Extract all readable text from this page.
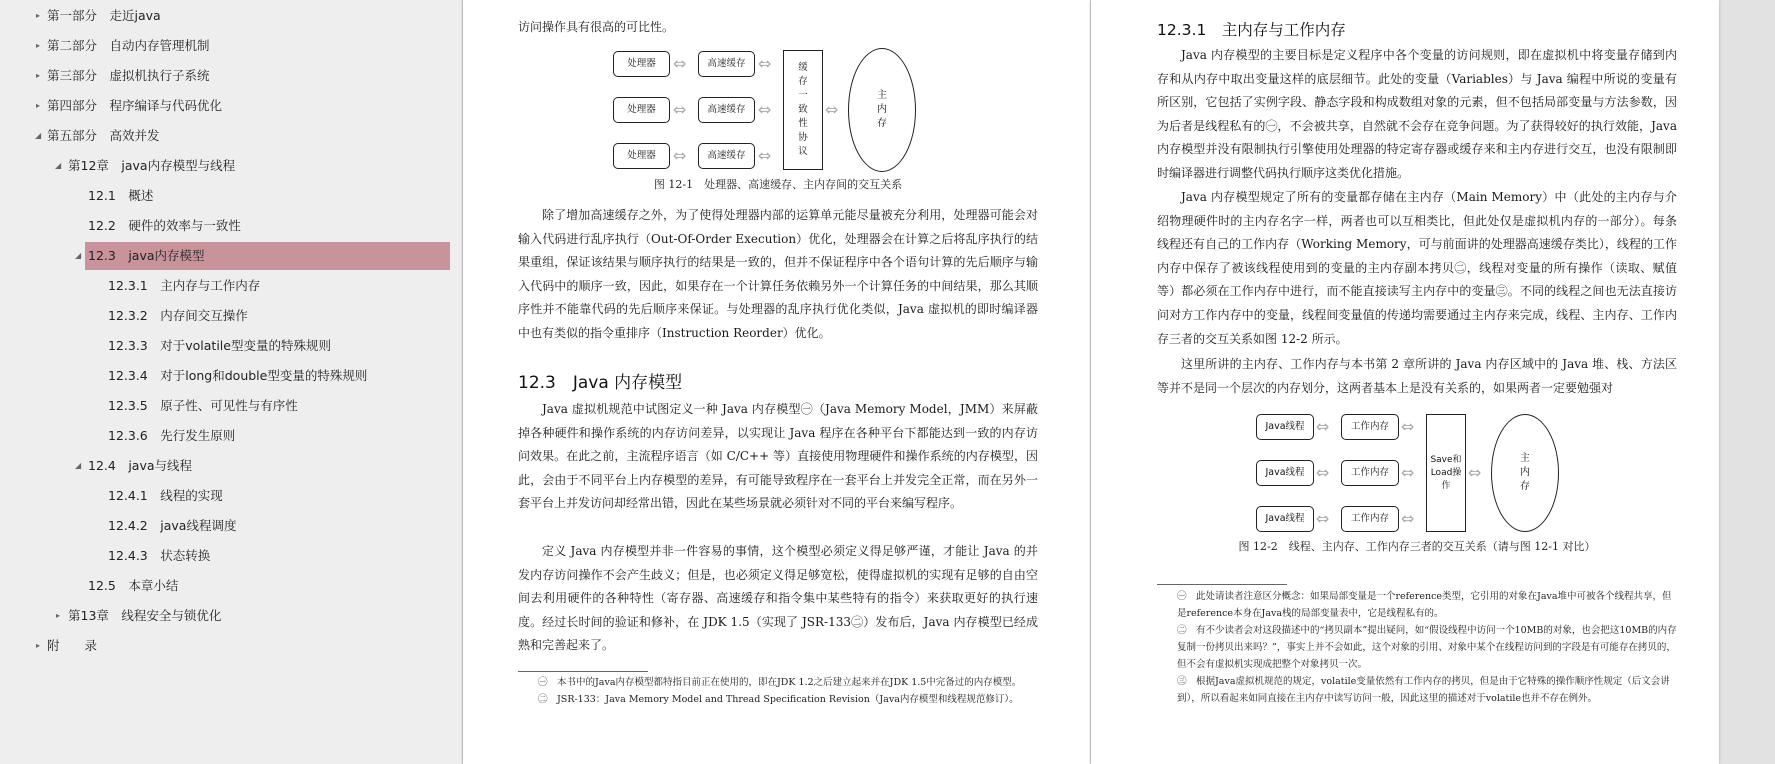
▸ 第一部分　走近java
▸ 第二部分　自动内存管理机制
▸ 第三部分　虚拟机执行子系统
▸ 第四部分　程序编译与代码优化
◢ 第五部分　高效并发
◢ 第12章　java内存模型与线程
12.1　概述
12.2　硬件的效率与一致性
◢ 12.3　java内存模型
12.3.1　主内存与工作内存
12.3.2　内存间交互操作
12.3.3　对于volatile型变量的特殊规则
12.3.4　对于long和double型变量的特殊规则
12.3.5　原子性、可见性与有序性
12.3.6　先行发生原则
◢ 12.4　java与线程
12.4.1　线程的实现
12.4.2　java线程调度
12.4.3　状态转换
12.5　本章小结
▸ 第13章　线程安全与锁优化
▸ 附　　录
访问操作具有很高的可比性。
处理器
处理器
处理器
⇔
⇔
⇔
高速缓存
高速缓存
高速缓存
⇔
⇔
⇔
缓存一致性协议
⇔
主内存
图 12-1　处理器、高速缓存、主内存间的交互关系

除了增加高速缓存之外，为了使得处理器内部的运算单元能尽量被充分利用，处理器可能会对输入代码进行乱序执行（Out-Of-Order Execution）优化，处理器会在计算之后将乱序执行的结果重组，保证该结果与顺序执行的结果是一致的，但并不保证程序中各个语句计算的先后顺序与输入代码中的顺序一致，因此，如果存在一个计算任务依赖另外一个计算任务的中间结果，那么其顺序性并不能靠代码的先后顺序来保证。与处理器的乱序执行优化类似，Java 虚拟机的即时编译器中也有类似的指令重排序（Instruction Reorder）优化。

12.3　Java 内存模型

Java 虚拟机规范中试图定义一种 Java 内存模型㊀（Java Memory Model，JMM）来屏蔽掉各种硬件和操作系统的内存访问差异，以实现让 Java 程序在各种平台下都能达到一致的内存访问效果。在此之前，主流程序语言（如 C/C++ 等）直接使用物理硬件和操作系统的内存模型，因此，会由于不同平台上内存模型的差异，有可能导致程序在一套平台上并发完全正常，而在另外一套平台上并发访问却经常出错，因此在某些场景就必须针对不同的平台来编写程序。

定义 Java 内存模型并非一件容易的事情，这个模型必须定义得足够严谨，才能让 Java 的并发内存访问操作不会产生歧义；但是，也必须定义得足够宽松，使得虚拟机的实现有足够的自由空间去利用硬件的各种特性（寄存器、高速缓存和指令集中某些特有的指令）来获取更好的执行速度。经过长时间的验证和修补，在 JDK 1.5（实现了 JSR-133㊁）发布后，Java 内存模型已经成熟和完善起来了。

㊀　本书中的Java内存模型都特指目前正在使用的，即在JDK 1.2之后建立起来并在JDK 1.5中完备过的内存模型。
㊁　JSR-133：Java Memory Model and Thread Specification Revision（Java内存模型和线程规范修订）。
12.3.1　主内存与工作内存

Java 内存模型的主要目标是定义程序中各个变量的访问规则，即在虚拟机中将变量存储到内存和从内存中取出变量这样的底层细节。此处的变量（Variables）与 Java 编程中所说的变量有所区别，它包括了实例字段、静态字段和构成数组对象的元素，但不包括局部变量与方法参数，因为后者是线程私有的㊀，不会被共享，自然就不会存在竞争问题。为了获得较好的执行效能，Java 内存模型并没有限制执行引擎使用处理器的特定寄存器或缓存来和主内存进行交互，也没有限制即时编译器进行调整代码执行顺序这类优化措施。

Java 内存模型规定了所有的变量都存储在主内存（Main Memory）中（此处的主内存与介绍物理硬件时的主内存名字一样，两者也可以互相类比，但此处仅是虚拟机内存的一部分）。每条线程还有自己的工作内存（Working Memory，可与前面讲的处理器高速缓存类比），线程的工作内存中保存了被该线程使用到的变量的主内存副本拷贝㊁，线程对变量的所有操作（读取、赋值等）都必须在工作内存中进行，而不能直接读写主内存中的变量㊂。不同的线程之间也无法直接访问对方工作内存中的变量，线程间变量值的传递均需要通过主内存来完成，线程、主内存、工作内存三者的交互关系如图 12-2 所示。

这里所讲的主内存、工作内存与本书第 2 章所讲的 Java 内存区域中的 Java 堆、栈、方法区等并不是同一个层次的内存划分，这两者基本上是没有关系的，如果两者一定要勉强对

Java线程
Java线程
Java线程
⇔
⇔
⇔
工作内存
工作内存
工作内存
⇔
⇔
⇔
Save和Load操作
⇔
主内存
图 12-2　线程、主内存、工作内存三者的交互关系（请与图 12-1 对比）
㊀　此处请读者注意区分概念：如果局部变量是一个reference类型，它引用的对象在Java堆中可被各个线程共享，但是reference本身在Java栈的局部变量表中，它是线程私有的。
㊁　有不少读者会对这段描述中的“拷贝副本”提出疑问，如“假设线程中访问一个10MB的对象，也会把这10MB的内存复制一份拷贝出来吗？”，事实上并不会如此，这个对象的引用、对象中某个在线程访问到的字段是有可能存在拷贝的，但不会有虚拟机实现成把整个对象拷贝一次。
㊂　根据Java虚拟机规范的规定，volatile变量依然有工作内存的拷贝，但是由于它特殊的操作顺序性规定（后文会讲到），所以看起来如同直接在主内存中读写访问一般，因此这里的描述对于volatile也并不存在例外。
